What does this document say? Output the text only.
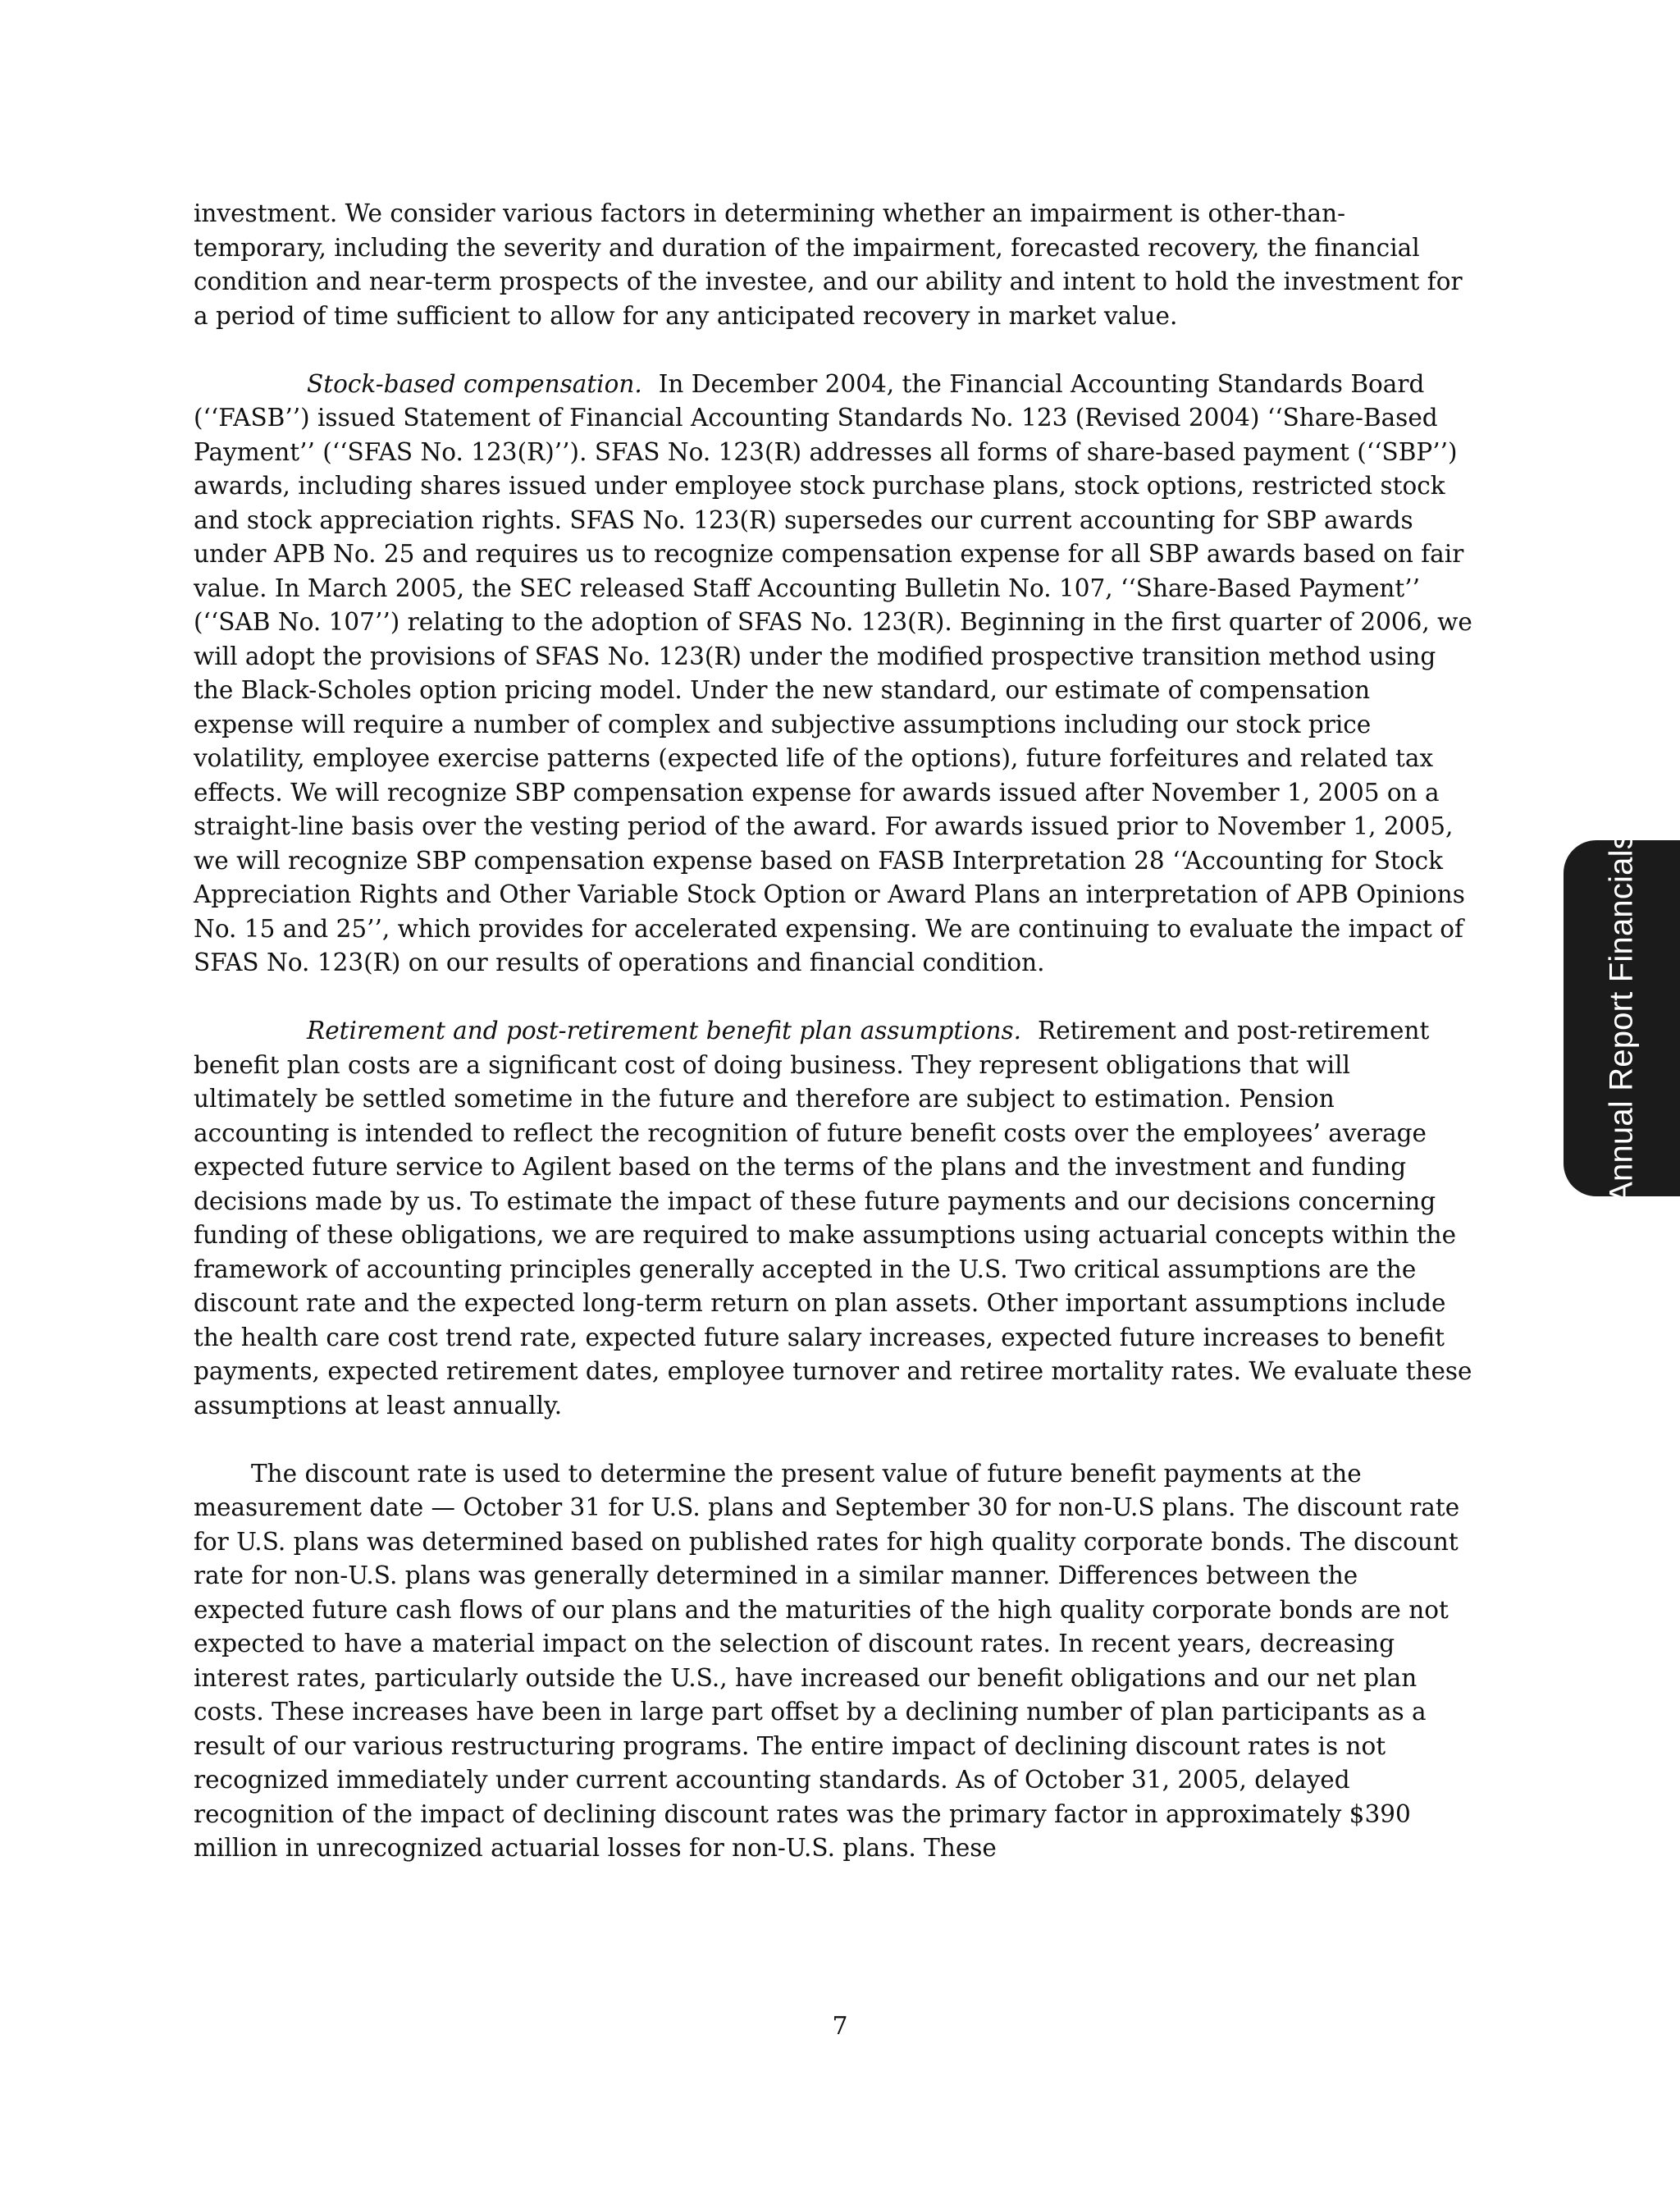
investment. We consider various factors in determining whether an impairment is other-than-temporary, including the severity and duration of the impairment, forecasted recovery, the financial condition and near-term prospects of the investee, and our ability and intent to hold the investment for a period of time sufficient to allow for any anticipated recovery in market value.

Stock-based compensation. In December 2004, the Financial Accounting Standards Board (‘‘FASB’’) issued Statement of Financial Accounting Standards No. 123 (Revised 2004) ‘‘Share-Based Payment’’ (‘‘SFAS No. 123(R)’’). SFAS No. 123(R) addresses all forms of share-based payment (‘‘SBP’’) awards, including shares issued under employee stock purchase plans, stock options, restricted stock and stock appreciation rights. SFAS No. 123(R) supersedes our current accounting for SBP awards under APB No. 25 and requires us to recognize compensation expense for all SBP awards based on fair value. In March 2005, the SEC released Staff Accounting Bulletin No. 107, ‘‘Share-Based Payment’’ (‘‘SAB No. 107’’) relating to the adoption of SFAS No. 123(R). Beginning in the first quarter of 2006, we will adopt the provisions of SFAS No. 123(R) under the modified prospective transition method using the Black-Scholes option pricing model. Under the new standard, our estimate of compensation expense will require a number of complex and subjective assumptions including our stock price volatility, employee exercise patterns (expected life of the options), future forfeitures and related tax effects. We will recognize SBP compensation expense for awards issued after November 1, 2005 on a straight-line basis over the vesting period of the award. For awards issued prior to November 1, 2005, we will recognize SBP compensation expense based on FASB Interpretation 28 ‘‘Accounting for Stock Appreciation Rights and Other Variable Stock Option or Award Plans an interpretation of APB Opinions No. 15 and 25’’, which provides for accelerated expensing. We are continuing to evaluate the impact of SFAS No. 123(R) on our results of operations and financial condition.

Retirement and post-retirement benefit plan assumptions. Retirement and post-retirement benefit plan costs are a significant cost of doing business. They represent obligations that will ultimately be settled sometime in the future and therefore are subject to estimation. Pension accounting is intended to reflect the recognition of future benefit costs over the employees’ average expected future service to Agilent based on the terms of the plans and the investment and funding decisions made by us. To estimate the impact of these future payments and our decisions concerning funding of these obligations, we are required to make assumptions using actuarial concepts within the framework of accounting principles generally accepted in the U.S. Two critical assumptions are the discount rate and the expected long-term return on plan assets. Other important assumptions include the health care cost trend rate, expected future salary increases, expected future increases to benefit payments, expected retirement dates, employee turnover and retiree mortality rates. We evaluate these assumptions at least annually.

The discount rate is used to determine the present value of future benefit payments at the measurement date — October 31 for U.S. plans and September 30 for non-U.S plans. The discount rate for U.S. plans was determined based on published rates for high quality corporate bonds. The discount rate for non-U.S. plans was generally determined in a similar manner. Differences between the expected future cash flows of our plans and the maturities of the high quality corporate bonds are not expected to have a material impact on the selection of discount rates. In recent years, decreasing interest rates, particularly outside the U.S., have increased our benefit obligations and our net plan costs. These increases have been in large part offset by a declining number of plan participants as a result of our various restructuring programs. The entire impact of declining discount rates is not recognized immediately under current accounting standards. As of October 31, 2005, delayed recognition of the impact of declining discount rates was the primary factor in approximately $390 million in unrecognized actuarial losses for non-U.S. plans. These

7
Annual Report Financials
